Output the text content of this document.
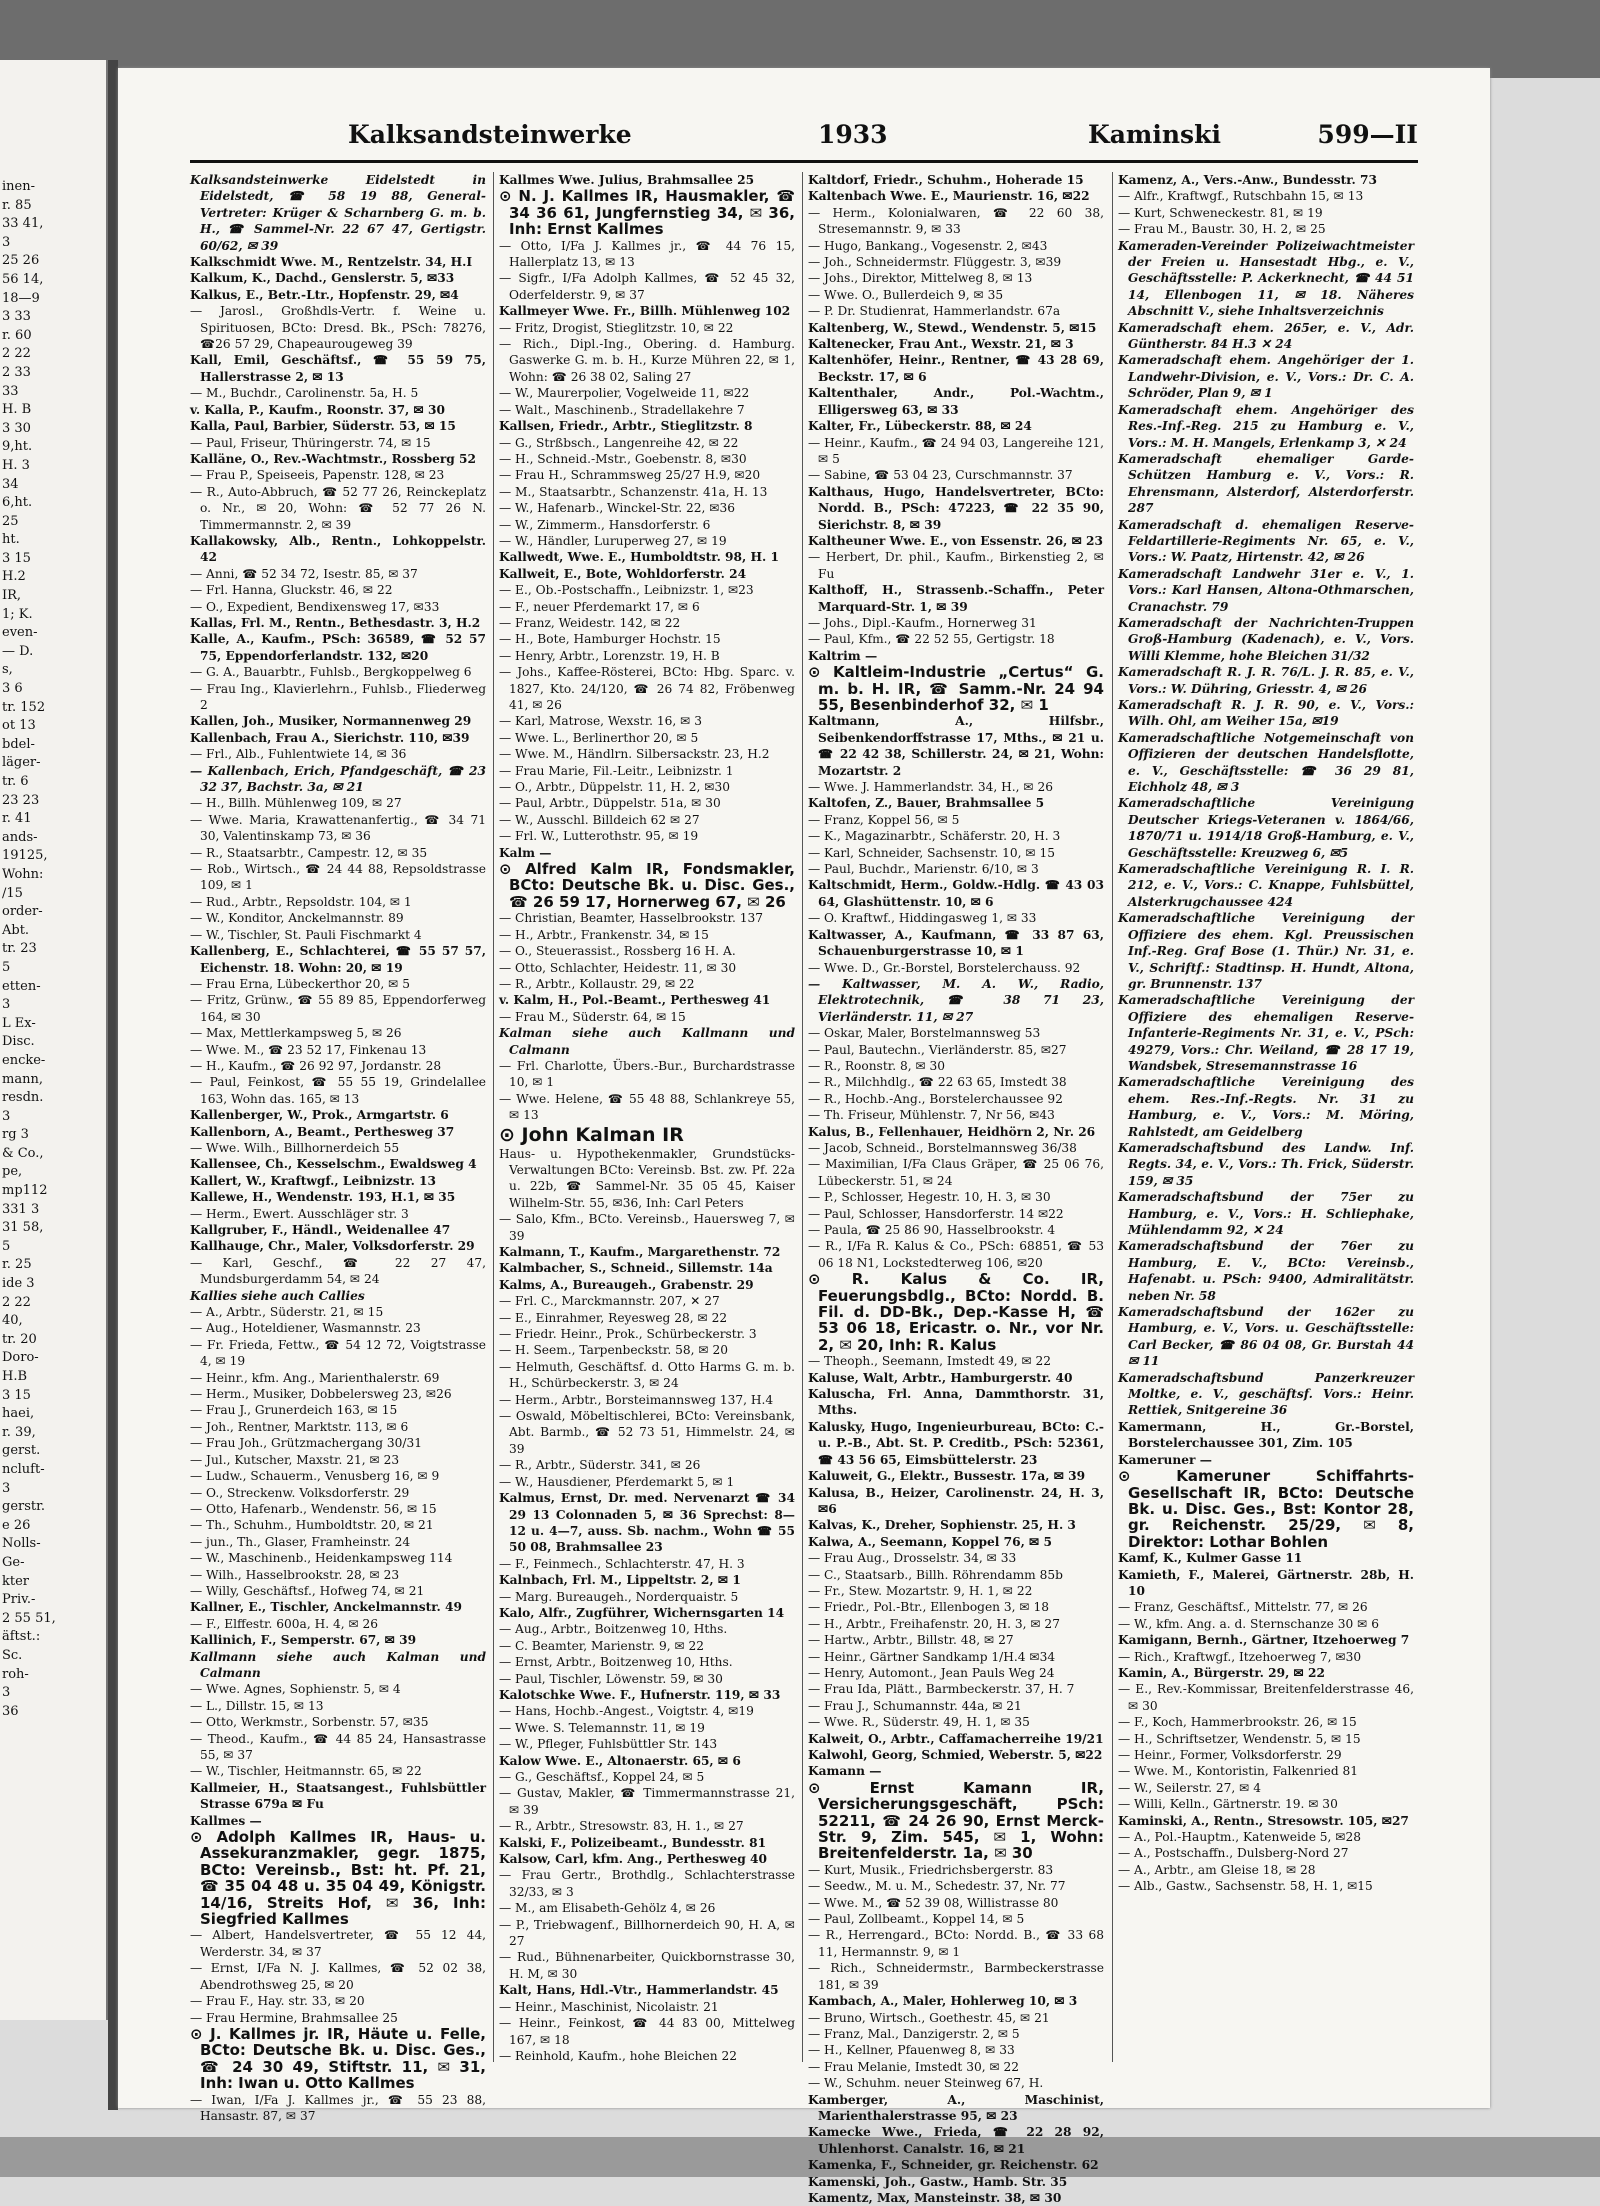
inen-
r. 85
33 41,
3
25 26
56 14,
18—9
3 33
r. 60
2 22
2 33
33
H. B
3 30
9,ht.
H. 3
34
6,ht.
25
ht.
3 15
H.2
IR,
1; K.
even-
— D.
s,
3 6
tr. 152
ot 13
bdel-
läger-
tr. 6
23 23
r. 41
ands-
19125,
Wohn:
/15
order-
Abt.
tr. 23
5
etten-
3
L Ex-
Disc.
encke-
mann,
resdn.
3
rg 3
& Co.,
pe,
mp112
331 3
31 58,
5
r. 25
ide 3
2 22
40,
tr. 20
Doro-
H.B
3 15
haei,
r. 39,
gerst.
ncluft-
3
gerstr.
e 26
Nolls-
Ge-
kter
Priv.-
2 55 51,
äftst.:
Sc.
roh-
3
36
Kalksandsteinwerke	1933	Kaminski	599—II
Kalksandsteinwerke Eidelstedt in Eidelstedt, ☎ 58 19 88, General-Vertreter: Krüger & Scharnberg G. m. b. H., ☎ Sammel-Nr. 22 67 47, Gertigstr. 60/62, ✉ 39
Kalkschmidt Wwe. M., Rentzelstr. 34, H.I
Kalkum, K., Dachd., Genslerstr. 5, ✉33
Kalkus, E., Betr.-Ltr., Hopfenstr. 29, ✉4
— Jarosl., Großhdls-Vertr. f. Weine u. Spirituosen, BCto: Dresd. Bk., PSch: 78276, ☎26 57 29, Chapeaurougeweg 39
Kall, Emil, Geschäftsf., ☎ 55 59 75, Hallerstrasse 2, ✉ 13
— M., Buchdr., Carolinenstr. 5a, H. 5
v. Kalla, P., Kaufm., Roonstr. 37, ✉ 30
Kalla, Paul, Barbier, Süderstr. 53, ✉ 15
— Paul, Friseur, Thüringerstr. 74, ✉ 15
Kalläne, O., Rev.-Wachtmstr., Rossberg 52
— Frau P., Speiseeis, Papenstr. 128, ✉ 23
— R., Auto-Abbruch, ☎ 52 77 26, Reinckeplatz o. Nr., ✉ 20, Wohn: ☎ 52 77 26 N. Timmermannstr. 2, ✉ 39
Kallakowsky, Alb., Rentn., Lohkoppelstr. 42
— Anni, ☎ 52 34 72, Isestr. 85, ✉ 37
— Frl. Hanna, Gluckstr. 46, ✉ 22
— O., Expedient, Bendixensweg 17, ✉33
Kallas, Frl. M., Rentn., Bethesdastr. 3, H.2
Kalle, A., Kaufm., PSch: 36589, ☎ 52 57 75, Eppendorferlandstr. 132, ✉20
— G. A., Bauarbtr., Fuhlsb., Bergkoppelweg 6
— Frau Ing., Klavierlehrn., Fuhlsb., Fliederweg 2
Kallen, Joh., Musiker, Normannenweg 29
Kallenbach, Frau A., Sierichstr. 110, ✉39
— Frl., Alb., Fuhlentwiete 14, ✉ 36
— Kallenbach, Erich, Pfandgeschäft, ☎ 23 32 37, Bachstr. 3a, ✉ 21
— H., Billh. Mühlenweg 109, ✉ 27
— Wwe. Maria, Krawattenanfertig., ☎ 34 71 30, Valentinskamp 73, ✉ 36
— R., Staatsarbtr., Campestr. 12, ✉ 35
— Rob., Wirtsch., ☎ 24 44 88, Repsoldstrasse 109, ✉ 1
— Rud., Arbtr., Repsoldstr. 104, ✉ 1
— W., Konditor, Anckelmannstr. 89
— W., Tischler, St. Pauli Fischmarkt 4
Kallenberg, E., Schlachterei, ☎ 55 57 57, Eichenstr. 18. Wohn: 20, ✉ 19
— Frau Erna, Lübeckerthor 20, ✉ 5
— Fritz, Grünw., ☎ 55 89 85, Eppendorferweg 164, ✉ 30
— Max, Mettlerkampsweg 5, ✉ 26
— Wwe. M., ☎ 23 52 17, Finkenau 13
— H., Kaufm., ☎ 26 92 97, Jordanstr. 28
— Paul, Feinkost, ☎ 55 55 19, Grindelallee 163, Wohn das. 165, ✉ 13
Kallenberger, W., Prok., Armgartstr. 6
Kallenborn, A., Beamt., Perthesweg 37
— Wwe. Wilh., Billhornerdeich 55
Kallensee, Ch., Kesselschm., Ewaldsweg 4
Kallert, W., Kraftwgf., Leibnizstr. 13
Kallewe, H., Wendenstr. 193, H.1, ✉ 35
— Herm., Ewert. Ausschläger str. 3
Kallgruber, F., Händl., Weidenallee 47
Kallhauge, Chr., Maler, Volksdorferstr. 29
— Karl, Geschf., ☎ 22 27 47, Mundsburgerdamm 54, ✉ 24
Kallies siehe auch Callies
— A., Arbtr., Süderstr. 21, ✉ 15
— Aug., Hoteldiener, Wasmannstr. 23
— Fr. Frieda, Fettw., ☎ 54 12 72, Voigtstrasse 4, ✉ 19
— Heinr., kfm. Ang., Marienthalerstr. 69
— Herm., Musiker, Dobbelersweg 23, ✉26
— Frau J., Grunerdeich 163, ✉ 15
— Joh., Rentner, Marktstr. 113, ✉ 6
— Frau Joh., Grützmachergang 30/31
— Jul., Kutscher, Maxstr. 21, ✉ 23
— Ludw., Schauerm., Venusberg 16, ✉ 9
— O., Streckenw. Volksdorferstr. 29
— Otto, Hafenarb., Wendenstr. 56, ✉ 15
— Th., Schuhm., Humboldtstr. 20, ✉ 21
— jun., Th., Glaser, Framheinstr. 24
— W., Maschinenb., Heidenkampsweg 114
— Wilh., Hasselbrookstr. 28, ✉ 23
— Willy, Geschäftsf., Hofweg 74, ✉ 21
Kallner, E., Tischler, Anckelmannstr. 49
— F., Elffestr. 600a, H. 4, ✉ 26
Kallinich, F., Semperstr. 67, ✉ 39
Kallmann siehe auch Kalman und Calmann
— Wwe. Agnes, Sophienstr. 5, ✉ 4
— L., Dillstr. 15, ✉ 13
— Otto, Werkmstr., Sorbenstr. 57, ✉35
— Theod., Kaufm., ☎ 44 85 24, Hansastrasse 55, ✉ 37
— W., Tischler, Heitmannstr. 65, ✉ 22
Kallmeier, H., Staatsangest., Fuhlsbüttler Strasse 679a ✉ Fu
Kallmes —
⊙ Adolph Kallmes IR, Haus- u. Assekuranzmakler, gegr. 1875, BCto: Vereinsb., Bst: ht. Pf. 21, ☎ 35 04 48 u. 35 04 49, Königstr. 14/16, Streits Hof, ✉ 36, Inh: Siegfried Kallmes
— Albert, Handelsvertreter, ☎ 55 12 44, Werderstr. 34, ✉ 37
— Ernst, I/Fa N. J. Kallmes, ☎ 52 02 38, Abendrothsweg 25, ✉ 20
— Frau F., Hay. str. 33, ✉ 20
— Frau Hermine, Brahmsallee 25
⊙ J. Kallmes jr. IR, Häute u. Felle, BCto: Deutsche Bk. u. Disc. Ges., ☎ 24 30 49, Stiftstr. 11, ✉ 31, Inh: Iwan u. Otto Kallmes
— Iwan, I/Fa J. Kallmes jr., ☎ 55 23 88, Hansastr. 87, ✉ 37
Kallmes Wwe. Julius, Brahmsallee 25
⊙ N. J. Kallmes IR, Hausmakler, ☎ 34 36 61, Jungfernstieg 34, ✉ 36, Inh: Ernst Kallmes
— Otto, I/Fa J. Kallmes jr., ☎ 44 76 15, Hallerplatz 13, ✉ 13
— Sigfr., I/Fa Adolph Kallmes, ☎ 52 45 32, Oderfelderstr. 9, ✉ 37
Kallmeyer Wwe. Fr., Billh. Mühlenweg 102
— Fritz, Drogist, Stieglitzstr. 10, ✉ 22
— Rich., Dipl.-Ing., Obering. d. Hamburg. Gaswerke G. m. b. H., Kurze Mühren 22, ✉ 1, Wohn: ☎ 26 38 02, Saling 27
— W., Maurerpolier, Vogelweide 11, ✉22
— Walt., Maschinenb., Stradellakehre 7
Kallsen, Friedr., Arbtr., Stieglitzstr. 8
— G., Strßbsch., Langenreihe 42, ✉ 22
— H., Schneid.-Mstr., Goebenstr. 8, ✉30
— Frau H., Schrammsweg 25/27 H.9, ✉20
— M., Staatsarbtr., Schanzenstr. 41a, H. 13
— W., Hafenarb., Winckel-Str. 22, ✉36
— W., Zimmerm., Hansdorferstr. 6
— W., Händler, Luruperweg 27, ✉ 19
Kallwedt, Wwe. E., Humboldtstr. 98, H. 1
Kallweit, E., Bote, Wohldorferstr. 24
— E., Ob.-Postschaffn., Leibnizstr. 1, ✉23
— F., neuer Pferdemarkt 17, ✉ 6
— Franz, Weidestr. 142, ✉ 22
— H., Bote, Hamburger Hochstr. 15
— Henry, Arbtr., Lorenzstr. 19, H. B
— Johs., Kaffee-Rösterei, BCto: Hbg. Sparc. v. 1827, Kto. 24/120, ☎ 26 74 82, Fröbenweg 41, ✉ 26
— Karl, Matrose, Wexstr. 16, ✉ 3
— Wwe. L., Berlinerthor 20, ✉ 5
— Wwe. M., Händlrn. Silbersackstr. 23, H.2
— Frau Marie, Fil.-Leitr., Leibnizstr. 1
— O., Arbtr., Düppelstr. 11, H. 2, ✉30
— Paul, Arbtr., Düppelstr. 51a, ✉ 30
— W., Ausschl. Billdeich 62 ✉ 27
— Frl. W., Lutterothstr. 95, ✉ 19
Kalm —
⊙ Alfred Kalm IR, Fondsmakler, BCto: Deutsche Bk. u. Disc. Ges., ☎ 26 59 17, Hornerweg 67, ✉ 26
— Christian, Beamter, Hasselbrookstr. 137
— H., Arbtr., Frankenstr. 34, ✉ 15
— O., Steuerassist., Rossberg 16 H. A.
— Otto, Schlachter, Heidestr. 11, ✉ 30
— R., Arbtr., Kollaustr. 29, ✉ 22
v. Kalm, H., Pol.-Beamt., Perthesweg 41
— Frau M., Süderstr. 64, ✉ 15
Kalman siehe auch Kallmann und Calmann
— Frl. Charlotte, Übers.-Bur., Burchardstrasse 10, ✉ 1
— Wwe. Helene, ☎ 55 48 88, Schlankreye 55, ✉ 13
⊙ John Kalman IR
Haus- u. Hypothekenmakler, Grundstücks-Verwaltungen BCto: Vereinsb. Bst. zw. Pf. 22a u. 22b, ☎ Sammel-Nr. 35 05 45, Kaiser Wilhelm-Str. 55, ✉36, Inh: Carl Peters
— Salo, Kfm., BCto. Vereinsb., Hauersweg 7, ✉ 39
Kalmann, T., Kaufm., Margarethenstr. 72
Kalmbacher, S., Schneid., Sillemstr. 14a
Kalms, A., Bureaugeh., Grabenstr. 29
— Frl. C., Marckmannstr. 207, ✕ 27
— E., Einrahmer, Reyesweg 28, ✉ 22
— Friedr. Heinr., Prok., Schürbeckerstr. 3
— H. Seem., Tarpenbeckstr. 58, ✉ 20
— Helmuth, Geschäftsf. d. Otto Harms G. m. b. H., Schürbeckerstr. 3, ✉ 24
— Herm., Arbtr., Borsteimannsweg 137, H.4
— Oswald, Möbeltischlerei, BCto: Vereinsbank, Abt. Barmb., ☎ 52 73 51, Himmelstr. 24, ✉ 39
— R., Arbtr., Süderstr. 341, ✉ 26
— W., Hausdiener, Pferdemarkt 5, ✉ 1
Kalmus, Ernst, Dr. med. Nervenarzt ☎ 34 29 13 Colonnaden 5, ✉ 36 Sprechst: 8—12 u. 4—7, auss. Sb. nachm., Wohn ☎ 55 50 08, Brahmsallee 23
— F., Feinmech., Schlachterstr. 47, H. 3
Kalnbach, Frl. M., Lippeltstr. 2, ✉ 1
— Marg. Bureaugeh., Norderquaistr. 5
Kalo, Alfr., Zugführer, Wichernsgarten 14
— Aug., Arbtr., Boitzenweg 10, Hths.
— C. Beamter, Marienstr. 9, ✉ 22
— Ernst, Arbtr., Boitzenweg 10, Hths.
— Paul, Tischler, Löwenstr. 59, ✉ 30
Kalotschke Wwe. F., Hufnerstr. 119, ✉ 33
— Hans, Hochb.-Angest., Voigtstr. 4, ✉19
— Wwe. S. Telemannstr. 11, ✉ 19
— W., Pfleger, Fuhlsbüttler Str. 143
Kalow Wwe. E., Altonaerstr. 65, ✉ 6
— G., Geschäftsf., Koppel 24, ✉ 5
— Gustav, Makler, ☎ Timmermannstrasse 21, ✉ 39
— R., Arbtr., Stresowstr. 83, H. 1., ✉ 27
Kalski, F., Polizeibeamt., Bundesstr. 81
Kalsow, Carl, kfm. Ang., Perthesweg 40
— Frau Gertr., Brothdlg., Schlachterstrasse 32/33, ✉ 3
— M., am Elisabeth-Gehölz 4, ✉ 26
— P., Triebwagenf., Billhornerdeich 90, H. A, ✉ 27
— Rud., Bühnenarbeiter, Quickbornstrasse 30, H. M, ✉ 30
Kalt, Hans, Hdl.-Vtr., Hammerlandstr. 45
— Heinr., Maschinist, Nicolaistr. 21
— Heinr., Feinkost, ☎ 44 83 00, Mittelweg 167, ✉ 18
— Reinhold, Kaufm., hohe Bleichen 22
Kaltdorf, Friedr., Schuhm., Hoherade 15
Kaltenbach Wwe. E., Maurienstr. 16, ✉22
— Herm., Kolonialwaren, ☎ 22 60 38, Stresemannstr. 9, ✉ 33
— Hugo, Bankang., Vogesenstr. 2, ✉43
— Joh., Schneidermstr. Flüggestr. 3, ✉39
— Johs., Direktor, Mittelweg 8, ✉ 13
— Wwe. O., Bullerdeich 9, ✉ 35
— P. Dr. Studienrat, Hammerlandstr. 67a
Kaltenberg, W., Stewd., Wendenstr. 5, ✉15
Kaltenecker, Frau Ant., Wexstr. 21, ✉ 3
Kaltenhöfer, Heinr., Rentner, ☎ 43 28 69, Beckstr. 17, ✉ 6
Kaltenthaler, Andr., Pol.-Wachtm., Elligersweg 63, ✉ 33
Kalter, Fr., Lübeckerstr. 88, ✉ 24
— Heinr., Kaufm., ☎ 24 94 03, Langereihe 121, ✉ 5
— Sabine, ☎ 53 04 23, Curschmannstr. 37
Kalthaus, Hugo, Handelsvertreter, BCto: Nordd. B., PSch: 47223, ☎ 22 35 90, Sierichstr. 8, ✉ 39
Kaltheuner Wwe. E., von Essenstr. 26, ✉ 23
— Herbert, Dr. phil., Kaufm., Birkenstieg 2, ✉ Fu
Kalthoff, H., Strassenb.-Schaffn., Peter Marquard-Str. 1, ✉ 39
— Johs., Dipl.-Kaufm., Hornerweg 31
— Paul, Kfm., ☎ 22 52 55, Gertigstr. 18
Kaltrim —
⊙ Kaltleim-Industrie „Certus“ G. m. b. H. IR, ☎ Samm.-Nr. 24 94 55, Besenbinderhof 32, ✉ 1
Kaltmann, A., Hilfsbr., Seibenkendorffstrasse 17, Mths., ✉ 21 u. ☎ 22 42 38, Schillerstr. 24, ✉ 21, Wohn: Mozartstr. 2
— Wwe. J. Hammerlandstr. 34, H., ✉ 26
Kaltofen, Z., Bauer, Brahmsallee 5
— Franz, Koppel 56, ✉ 5
— K., Magazinarbtr., Schäferstr. 20, H. 3
— Karl, Schneider, Sachsenstr. 10, ✉ 15
— Paul, Buchdr., Marienstr. 6/10, ✉ 3
Kaltschmidt, Herm., Goldw.-Hdlg. ☎ 43 03 64, Glashüttenstr. 10, ✉ 6
— O. Kraftwf., Hiddingasweg 1, ✉ 33
Kaltwasser, A., Kaufmann, ☎ 33 87 63, Schauenburgerstrasse 10, ✉ 1
— Wwe. D., Gr.-Borstel, Borstelerchauss. 92
— Kaltwasser, M. A. W., Radio, Elektrotechnik, ☎ 38 71 23, Vierländerstr. 11, ✉ 27
— Oskar, Maler, Borstelmannsweg 53
— Paul, Bautechn., Vierländerstr. 85, ✉27
— R., Roonstr. 8, ✉ 30
— R., Milchhdlg., ☎ 22 63 65, Imstedt 38
— R., Hochb.-Ang., Borstelerchaussee 92
— Th. Friseur, Mühlenstr. 7, Nr 56, ✉43
Kalus, B., Fellenhauer, Heidhörn 2, Nr. 26
— Jacob, Schneid., Borstelmannsweg 36/38
— Maximilian, I/Fa Claus Gräper, ☎ 25 06 76, Lübeckerstr. 51, ✉ 24
— P., Schlosser, Hegestr. 10, H. 3, ✉ 30
— Paul, Schlosser, Hansdorferstr. 14 ✉22
— Paula, ☎ 25 86 90, Hasselbrookstr. 4
— R., I/Fa R. Kalus & Co., PSch: 68851, ☎ 53 06 18 N1, Lockstedterweg 106, ✉20
⊙ R. Kalus & Co. IR, Feuerungsbdlg., BCto: Nordd. B. Fil. d. DD-Bk., Dep.-Kasse H, ☎ 53 06 18, Ericastr. o. Nr., vor Nr. 2, ✉ 20, Inh: R. Kalus
— Theoph., Seemann, Imstedt 49, ✉ 22
Kaluse, Walt, Arbtr., Hamburgerstr. 40
Kaluscha, Frl. Anna, Dammthorstr. 31, Mths.
Kalusky, Hugo, Ingenieurbureau, BCto: C.- u. P.-B., Abt. St. P. Creditb., PSch: 52361, ☎ 43 56 65, Eimsbüttelerstr. 23
Kaluweit, G., Elektr., Bussestr. 17a, ✉ 39
Kalusa, B., Heizer, Carolinenstr. 24, H. 3, ✉6
Kalvas, K., Dreher, Sophienstr. 25, H. 3
Kalwa, A., Seemann, Koppel 76, ✉ 5
— Frau Aug., Drosselstr. 34, ✉ 33
— C., Staatsarb., Billh. Röhrendamm 85b
— Fr., Stew. Mozartstr. 9, H. 1, ✉ 22
— Friedr., Pol.-Btr., Ellenbogen 3, ✉ 18
— H., Arbtr., Freihafenstr. 20, H. 3, ✉ 27
— Hartw., Arbtr., Billstr. 48, ✉ 27
— Heinr., Gärtner Sandkamp 1/H.4 ✉34
— Henry, Automont., Jean Pauls Weg 24
— Frau Ida, Plätt., Barmbeckerstr. 37, H. 7
— Frau J., Schumannstr. 44a, ✉ 21
— Wwe. R., Süderstr. 49, H. 1, ✉ 35
Kalweit, O., Arbtr., Caffamacherreihe 19/21
Kalwohl, Georg, Schmied, Weberstr. 5, ✉22
Kamann —
⊙ Ernst Kamann IR, Versicherungsgeschäft, PSch: 52211, ☎ 24 26 90, Ernst Merck-Str. 9, Zim. 545, ✉ 1, Wohn: Breitenfelderstr. 1a, ✉ 30
— Kurt, Musik., Friedrichsbergerstr. 83
— Seedw., M. u. M., Schedestr. 37, Nr. 77
— Wwe. M., ☎ 52 39 08, Willistrasse 80
— Paul, Zollbeamt., Koppel 14, ✉ 5
— R., Herrengard., BCto: Nordd. B., ☎ 33 68 11, Hermannstr. 9, ✉ 1
— Rich., Schneidermstr., Barmbeckerstrasse 181, ✉ 39
Kambach, A., Maler, Hohlerweg 10, ✉ 3
— Bruno, Wirtsch., Goethestr. 45, ✉ 21
— Franz, Mal., Danzigerstr. 2, ✉ 5
— H., Kellner, Pfauenweg 8, ✉ 33
— Frau Melanie, Imstedt 30, ✉ 22
— W., Schuhm. neuer Steinweg 67, H.
Kamberger, A., Maschinist, Marienthalerstrasse 95, ✉ 23
Kamecke Wwe., Frieda, ☎ 22 28 92, Uhlenhorst. Canalstr. 16, ✉ 21
Kamenka, F., Schneider, gr. Reichenstr. 62
Kamenski, Joh., Gastw., Hamb. Str. 35
Kamentz, Max, Mansteinstr. 38, ✉ 30
Kamenz, A., Vers.-Anw., Bundesstr. 73
— Alfr., Kraftwgf., Rutschbahn 15, ✉ 13
— Kurt, Schweneckestr. 81, ✉ 19
— Frau M., Baustr. 30, H. 2, ✉ 25
Kameraden-Vereinder Polizeiwachtmeister der Freien u. Hansestadt Hbg., e. V., Geschäftsstelle: P. Ackerknecht, ☎ 44 51 14, Ellenbogen 11, ✉ 18. Näheres Abschnitt V., siehe Inhaltsverzeichnis
Kameradschaft ehem. 265er, e. V., Adr. Güntherstr. 84 H.3 ✕ 24
Kameradschaft ehem. Angehöriger der 1. Landwehr-Division, e. V., Vors.: Dr. C. A. Schröder, Plan 9, ✉ 1
Kameradschaft ehem. Angehöriger des Res.-Inf.-Reg. 215 zu Hamburg e. V., Vors.: M. H. Mangels, Erlenkamp 3, ✕ 24
Kameradschaft ehemaliger Garde-Schützen Hamburg e. V., Vors.: R. Ehrensmann, Alsterdorf, Alsterdorferstr. 287
Kameradschaft d. ehemaligen Reserve-Feldartillerie-Regiments Nr. 65, e. V., Vors.: W. Paatz, Hirtenstr. 42, ✉ 26
Kameradschaft Landwehr 31er e. V., 1. Vors.: Karl Hansen, Altona-Othmarschen, Cranachstr. 79
Kameradschaft der Nachrichten-Truppen Groß-Hamburg (Kadenach), e. V., Vors. Willi Klemme, hohe Bleichen 31/32
Kameradschaft R. J. R. 76/L. J. R. 85, e. V., Vors.: W. Dühring, Griesstr. 4, ✉ 26
Kameradschaft R. J. R. 90, e. V., Vors.: Wilh. Ohl, am Weiher 15a, ✉19
Kameradschaftliche Notgemeinschaft von Offizieren der deutschen Handelsflotte, e. V., Geschäftsstelle: ☎ 36 29 81, Eichholz 48, ✉ 3
Kameradschaftliche Vereinigung Deutscher Kriegs-Veteranen v. 1864/66, 1870/71 u. 1914/18 Groß-Hamburg, e. V., Geschäftsstelle: Kreuzweg 6, ✉5
Kameradschaftliche Vereinigung R. I. R. 212, e. V., Vors.: C. Knappe, Fuhlsbüttel, Alsterkrugchaussee 424
Kameradschaftliche Vereinigung der Offiziere des ehem. Kgl. Preussischen Inf.-Reg. Graf Bose (1. Thür.) Nr. 31, e. V., Schriftf.: Stadtinsp. H. Hundt, Altona, gr. Brunnenstr. 137
Kameradschaftliche Vereinigung der Offiziere des ehemaligen Reserve-Infanterie-Regiments Nr. 31, e. V., PSch: 49279, Vors.: Chr. Weiland, ☎ 28 17 19, Wandsbek, Stresemannstrasse 16
Kameradschaftliche Vereinigung des ehem. Res.-Inf.-Regts. Nr. 31 zu Hamburg, e. V., Vors.: M. Möring, Rahlstedt, am Geidelberg
Kameradschaftsbund des Landw. Inf. Regts. 34, e. V., Vors.: Th. Frick, Süderstr. 159, ✉ 35
Kameradschaftsbund der 75er zu Hamburg, e. V., Vors.: H. Schliephake, Mühlendamm 92, ✕ 24
Kameradschaftsbund der 76er zu Hamburg, E. V., BCto: Vereinsb., Hafenabt. u. PSch: 9400, Admiralitätstr. neben Nr. 58
Kameradschaftsbund der 162er zu Hamburg, e. V., Vors. u. Geschäftsstelle: Carl Becker, ☎ 86 04 08, Gr. Burstah 44 ✉ 11
Kameradschaftsbund Panzerkreuzer Moltke, e. V., geschäftsf. Vors.: Heinr. Rettiek, Snitgereine 36
Kamermann, H., Gr.-Borstel, Borstelerchaussee 301, Zim. 105
Kameruner —
⊙ Kameruner Schiffahrts-Gesellschaft IR, BCto: Deutsche Bk. u. Disc. Ges., Bst: Kontor 28, gr. Reichenstr. 25/29, ✉ 8, Direktor: Lothar Bohlen
Kamf, K., Kulmer Gasse 11
Kamieth, F., Malerei, Gärtnerstr. 28b, H. 10
— Franz, Geschäftsf., Mittelstr. 77, ✉ 26
— W., kfm. Ang. a. d. Sternschanze 30 ✉ 6
Kamigann, Bernh., Gärtner, Itzehoerweg 7
— Rich., Kraftwgf., Itzehoerweg 7, ✉30
Kamin, A., Bürgerstr. 29, ✉ 22
— E., Rev.-Kommissar, Breitenfelderstrasse 46, ✉ 30
— F., Koch, Hammerbrookstr. 26, ✉ 15
— H., Schriftsetzer, Wendenstr. 5, ✉ 15
— Heinr., Former, Volksdorferstr. 29
— Wwe. M., Kontoristin, Falkenried 81
— W., Seilerstr. 27, ✉ 4
— Willi, Kelln., Gärtnerstr. 19. ✉ 30
Kaminski, A., Rentn., Stresowstr. 105, ✉27
— A., Pol.-Hauptm., Katenweide 5, ✉28
— A., Postschaffn., Dulsberg-Nord 27
— A., Arbtr., am Gleise 18, ✉ 28
— Alb., Gastw., Sachsenstr. 58, H. 1, ✉15
